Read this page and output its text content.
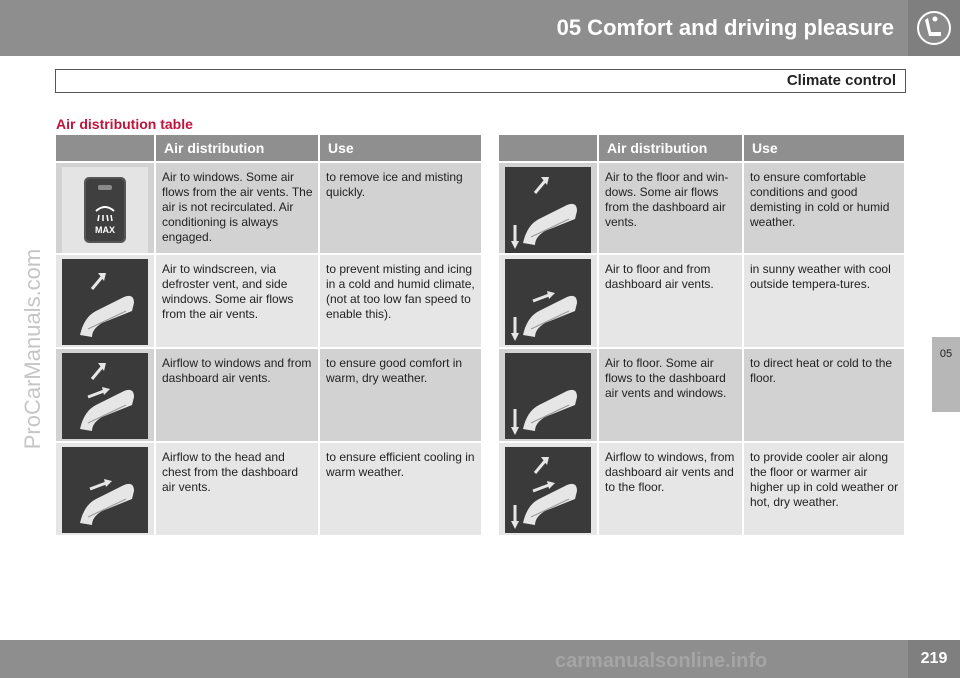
05 Comfort and driving pleasure
Climate control
05
ProCarManuals.com
Air distribution table
	Air distribution	Use

MAX	Air to windows. Some air flows from the air vents. The air is not recirculated. Air conditioning is always engaged.	to remove ice and misting quickly.

	Air to windscreen, via defroster vent, and side windows. Some air flows from the air vents.	to prevent misting and icing in a cold and humid climate, (not at too low fan speed to enable this).

	Airflow to windows and from dashboard air vents.	to ensure good comfort in warm, dry weather.

	Airflow to the head and chest from the dashboard air vents.	to ensure efficient cooling in warm weather.
	Air distribution	Use

	Air to the floor and win-dows. Some air flows from the dashboard air vents.	to ensure comfortable conditions and good demisting in cold or humid weather.

	Air to floor and from dashboard air vents.	in sunny weather with cool outside tempera-tures.

	Air to floor. Some air flows to the dashboard air vents and windows.	to direct heat or cold to the floor.

	Airflow to windows, from dashboard air vents and to the floor.	to provide cooler air along the floor or warmer air higher up in cold weather or hot, dry weather.
carmanualsonline.info	219
